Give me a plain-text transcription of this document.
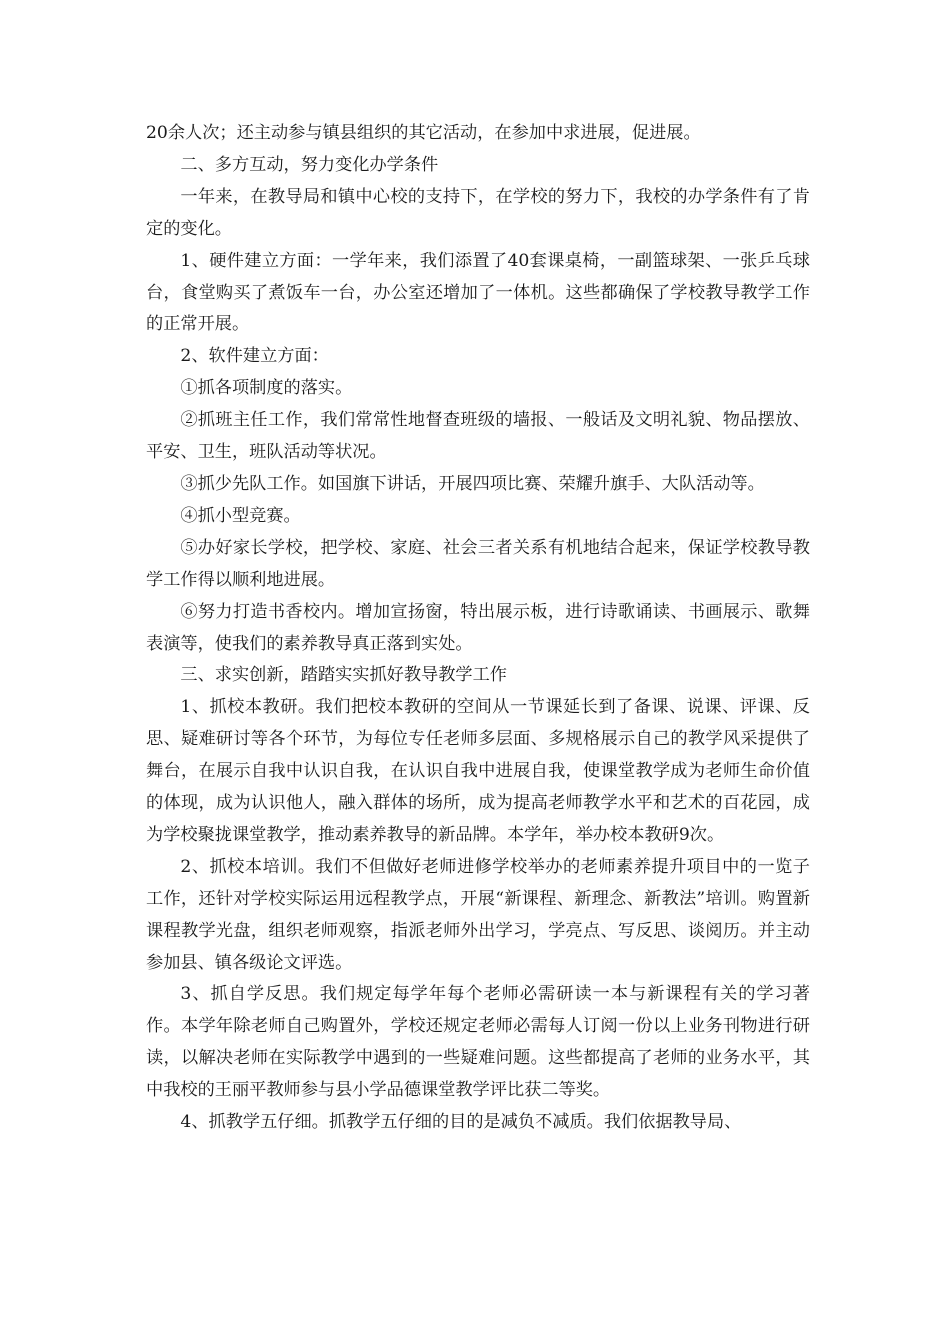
20余人次；还主动参与镇县组织的其它活动，在参加中求进展，促进展。

二、多方互动，努力变化办学条件

一年来，在教导局和镇中心校的支持下，在学校的努力下，我校的办学条件有了肯定的变化。

1、硬件建立方面：一学年来，我们添置了40套课桌椅，一副篮球架、一张乒乓球台，食堂购买了煮饭车一台，办公室还增加了一体机。这些都确保了学校教导教学工作的正常开展。

2、软件建立方面：

①抓各项制度的落实。

②抓班主任工作，我们常常性地督查班级的墙报、一般话及文明礼貌、物品摆放、平安、卫生，班队活动等状况。

③抓少先队工作。如国旗下讲话，开展四项比赛、荣耀升旗手、大队活动等。

④抓小型竞赛。

⑤办好家长学校，把学校、家庭、社会三者关系有机地结合起来，保证学校教导教学工作得以顺利地进展。

⑥努力打造书香校内。增加宣扬窗，特出展示板，进行诗歌诵读、书画展示、歌舞表演等，使我们的素养教导真正落到实处。

三、求实创新，踏踏实实抓好教导教学工作

1、抓校本教研。我们把校本教研的空间从一节课延长到了备课、说课、评课、反思、疑难研讨等各个环节，为每位专任老师多层面、多规格展示自己的教学风采提供了舞台，在展示自我中认识自我，在认识自我中进展自我，使课堂教学成为老师生命价值的体现，成为认识他人，融入群体的场所，成为提高老师教学水平和艺术的百花园，成为学校聚拢课堂教学，推动素养教导的新品牌。本学年，举办校本教研9次。

2、抓校本培训。我们不但做好老师进修学校举办的老师素养提升项目中的一览子工作，还针对学校实际运用远程教学点，开展“新课程、新理念、新教法”培训。购置新课程教学光盘，组织老师观察，指派老师外出学习，学亮点、写反思、谈阅历。并主动参加县、镇各级论文评选。

3、抓自学反思。我们规定每学年每个老师必需研读一本与新课程有关的学习著作。本学年除老师自己购置外，学校还规定老师必需每人订阅一份以上业务刊物进行研读，以解决老师在实际教学中遇到的一些疑难问题。这些都提高了老师的业务水平，其中我校的王丽平教师参与县小学品德课堂教学评比获二等奖。

4、抓教学五仔细。抓教学五仔细的目的是减负不减质。我们依据教导局、
